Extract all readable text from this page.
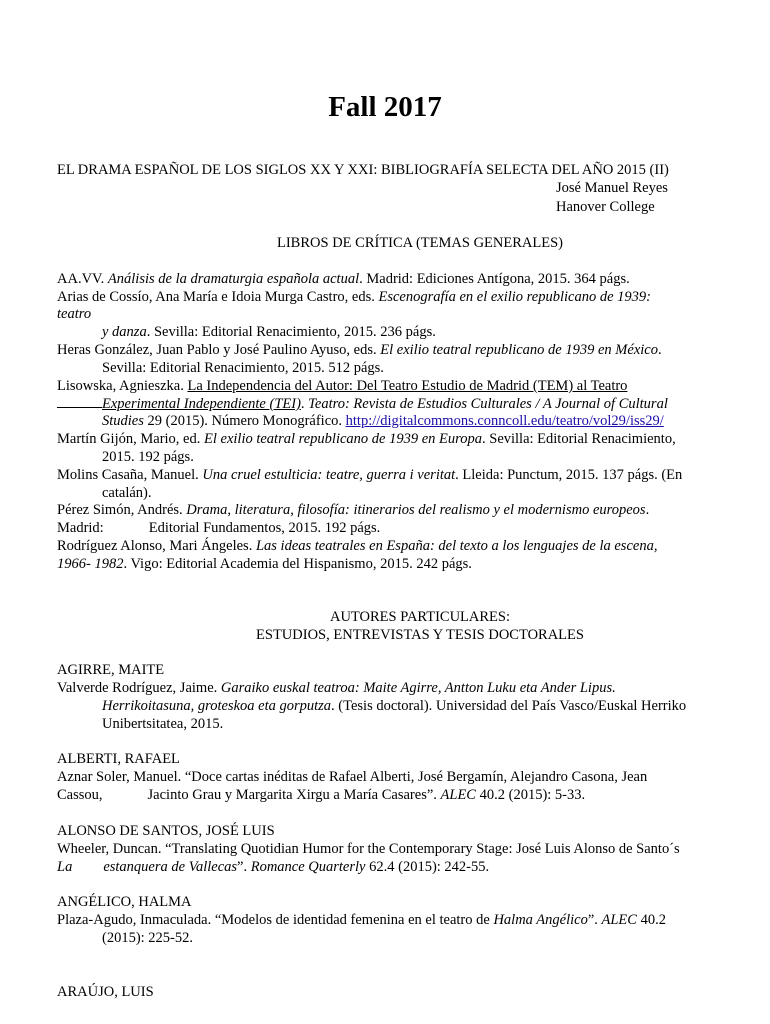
Fall 2017
EL DRAMA ESPAÑOL DE LOS SIGLOS XX Y XXI: BIBLIOGRAFÍA SELECTA DEL AÑO 2015 (II)
José Manuel Reyes
Hanover College
LIBROS DE CRÍTICA (TEMAS GENERALES)
AA.VV. Análisis de la dramaturgia española actual. Madrid: Ediciones Antígona, 2015. 364 págs.
Arias de Cossío, Ana María e Idoia Murga Castro, eds. Escenografía en el exilio republicano de 1939:
teatro
y danza. Sevilla: Editorial Renacimiento, 2015. 236 págs.
Heras González, Juan Pablo y José Paulino Ayuso, eds. El exilio teatral republicano de 1939 en México.
Sevilla: Editorial Renacimiento, 2015. 512 págs.
Lisowska, Agnieszka. La Independencia del Autor: Del Teatro Estudio de Madrid (TEM) al Teatro
Experimental Independiente (TEI). Teatro: Revista de Estudios Culturales / A Journal of Cultural
Studies 29 (2015). Número Monográfico. http://digitalcommons.conncoll.edu/teatro/vol29/iss29/
Martín Gijón, Mario, ed. El exilio teatral republicano de 1939 en Europa. Sevilla: Editorial Renacimiento,
2015. 192 págs.
Molins Casaña, Manuel. Una cruel estulticia: teatre, guerra i veritat. Lleida: Punctum, 2015. 137 págs. (En
catalán).
Pérez Simón, Andrés. Drama, literatura, filosofía: itinerarios del realismo y el modernismo europeos.
Madrid:	Editorial Fundamentos, 2015. 192 págs.
Rodríguez Alonso, Mari Ángeles. Las ideas teatrales en España: del texto a los lenguajes de la escena,
1966- 1982. Vigo: Editorial Academia del Hispanismo, 2015. 242 págs.
AUTORES PARTICULARES:
ESTUDIOS, ENTREVISTAS Y TESIS DOCTORALES
AGIRRE, MAITE
Valverde Rodríguez, Jaime. Garaiko euskal teatroa: Maite Agirre, Antton Luku eta Ander Lipus.
Herrikoitasuna, groteskoa eta gorputza. (Tesis doctoral). Universidad del País Vasco/Euskal Herriko
Unibertsitatea, 2015.
ALBERTI, RAFAEL
Aznar Soler, Manuel. “Doce cartas inéditas de Rafael Alberti, José Bergamín, Alejandro Casona, Jean
Cassou,	Jacinto Grau y Margarita Xirgu a María Casares”. ALEC 40.2 (2015): 5-33.
ALONSO DE SANTOS, JOSÉ LUIS
Wheeler, Duncan. “Translating Quotidian Humor for the Contemporary Stage: José Luis Alonso de Santo´s
La estanquera de Vallecas”. Romance Quarterly 62.4 (2015): 242-55.
ANGÉLICO, HALMA
Plaza-Agudo, Inmaculada. “Modelos de identidad femenina en el teatro de Halma Angélico”. ALEC 40.2
(2015): 225-52.
ARAÚJO, LUIS
